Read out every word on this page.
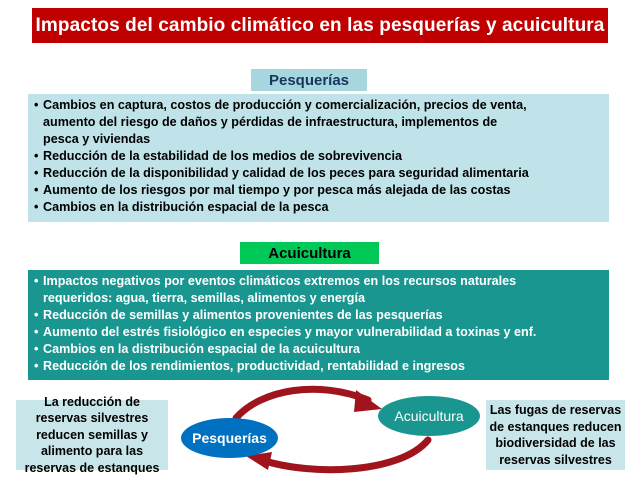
Impactos del cambio climático en las pesquerías y acuicultura
Pesquerías
• Cambios en captura, costos de producción y comercialización, precios de venta,
aumento del riesgo de daños y pérdidas de infraestructura, implementos de
pesca y viviendas
• Reducción de la estabilidad de los medios de sobrevivencia
• Reducción de la disponibilidad y calidad de los peces para seguridad alimentaria
• Aumento de los riesgos por mal tiempo y por pesca más alejada de las costas
• Cambios en la distribución espacial de la pesca
Acuicultura
• Impactos negativos por eventos climáticos extremos en los recursos naturales
requeridos: agua, tierra, semillas, alimentos y energía
• Reducción de semillas y alimentos provenientes de las pesquerías
• Aumento del estrés fisiológico en especies y mayor vulnerabilidad a toxinas y enf.
• Cambios en la distribución espacial de la acuicultura
• Reducción de los rendimientos, productividad, rentabilidad e ingresos
La reducción de reservas silvestres reducen semillas y alimento para las reservas de estanques
Las fugas de reservas de estanques reducen biodiversidad de las reservas silvestres
Pesquerías
Acuicultura
